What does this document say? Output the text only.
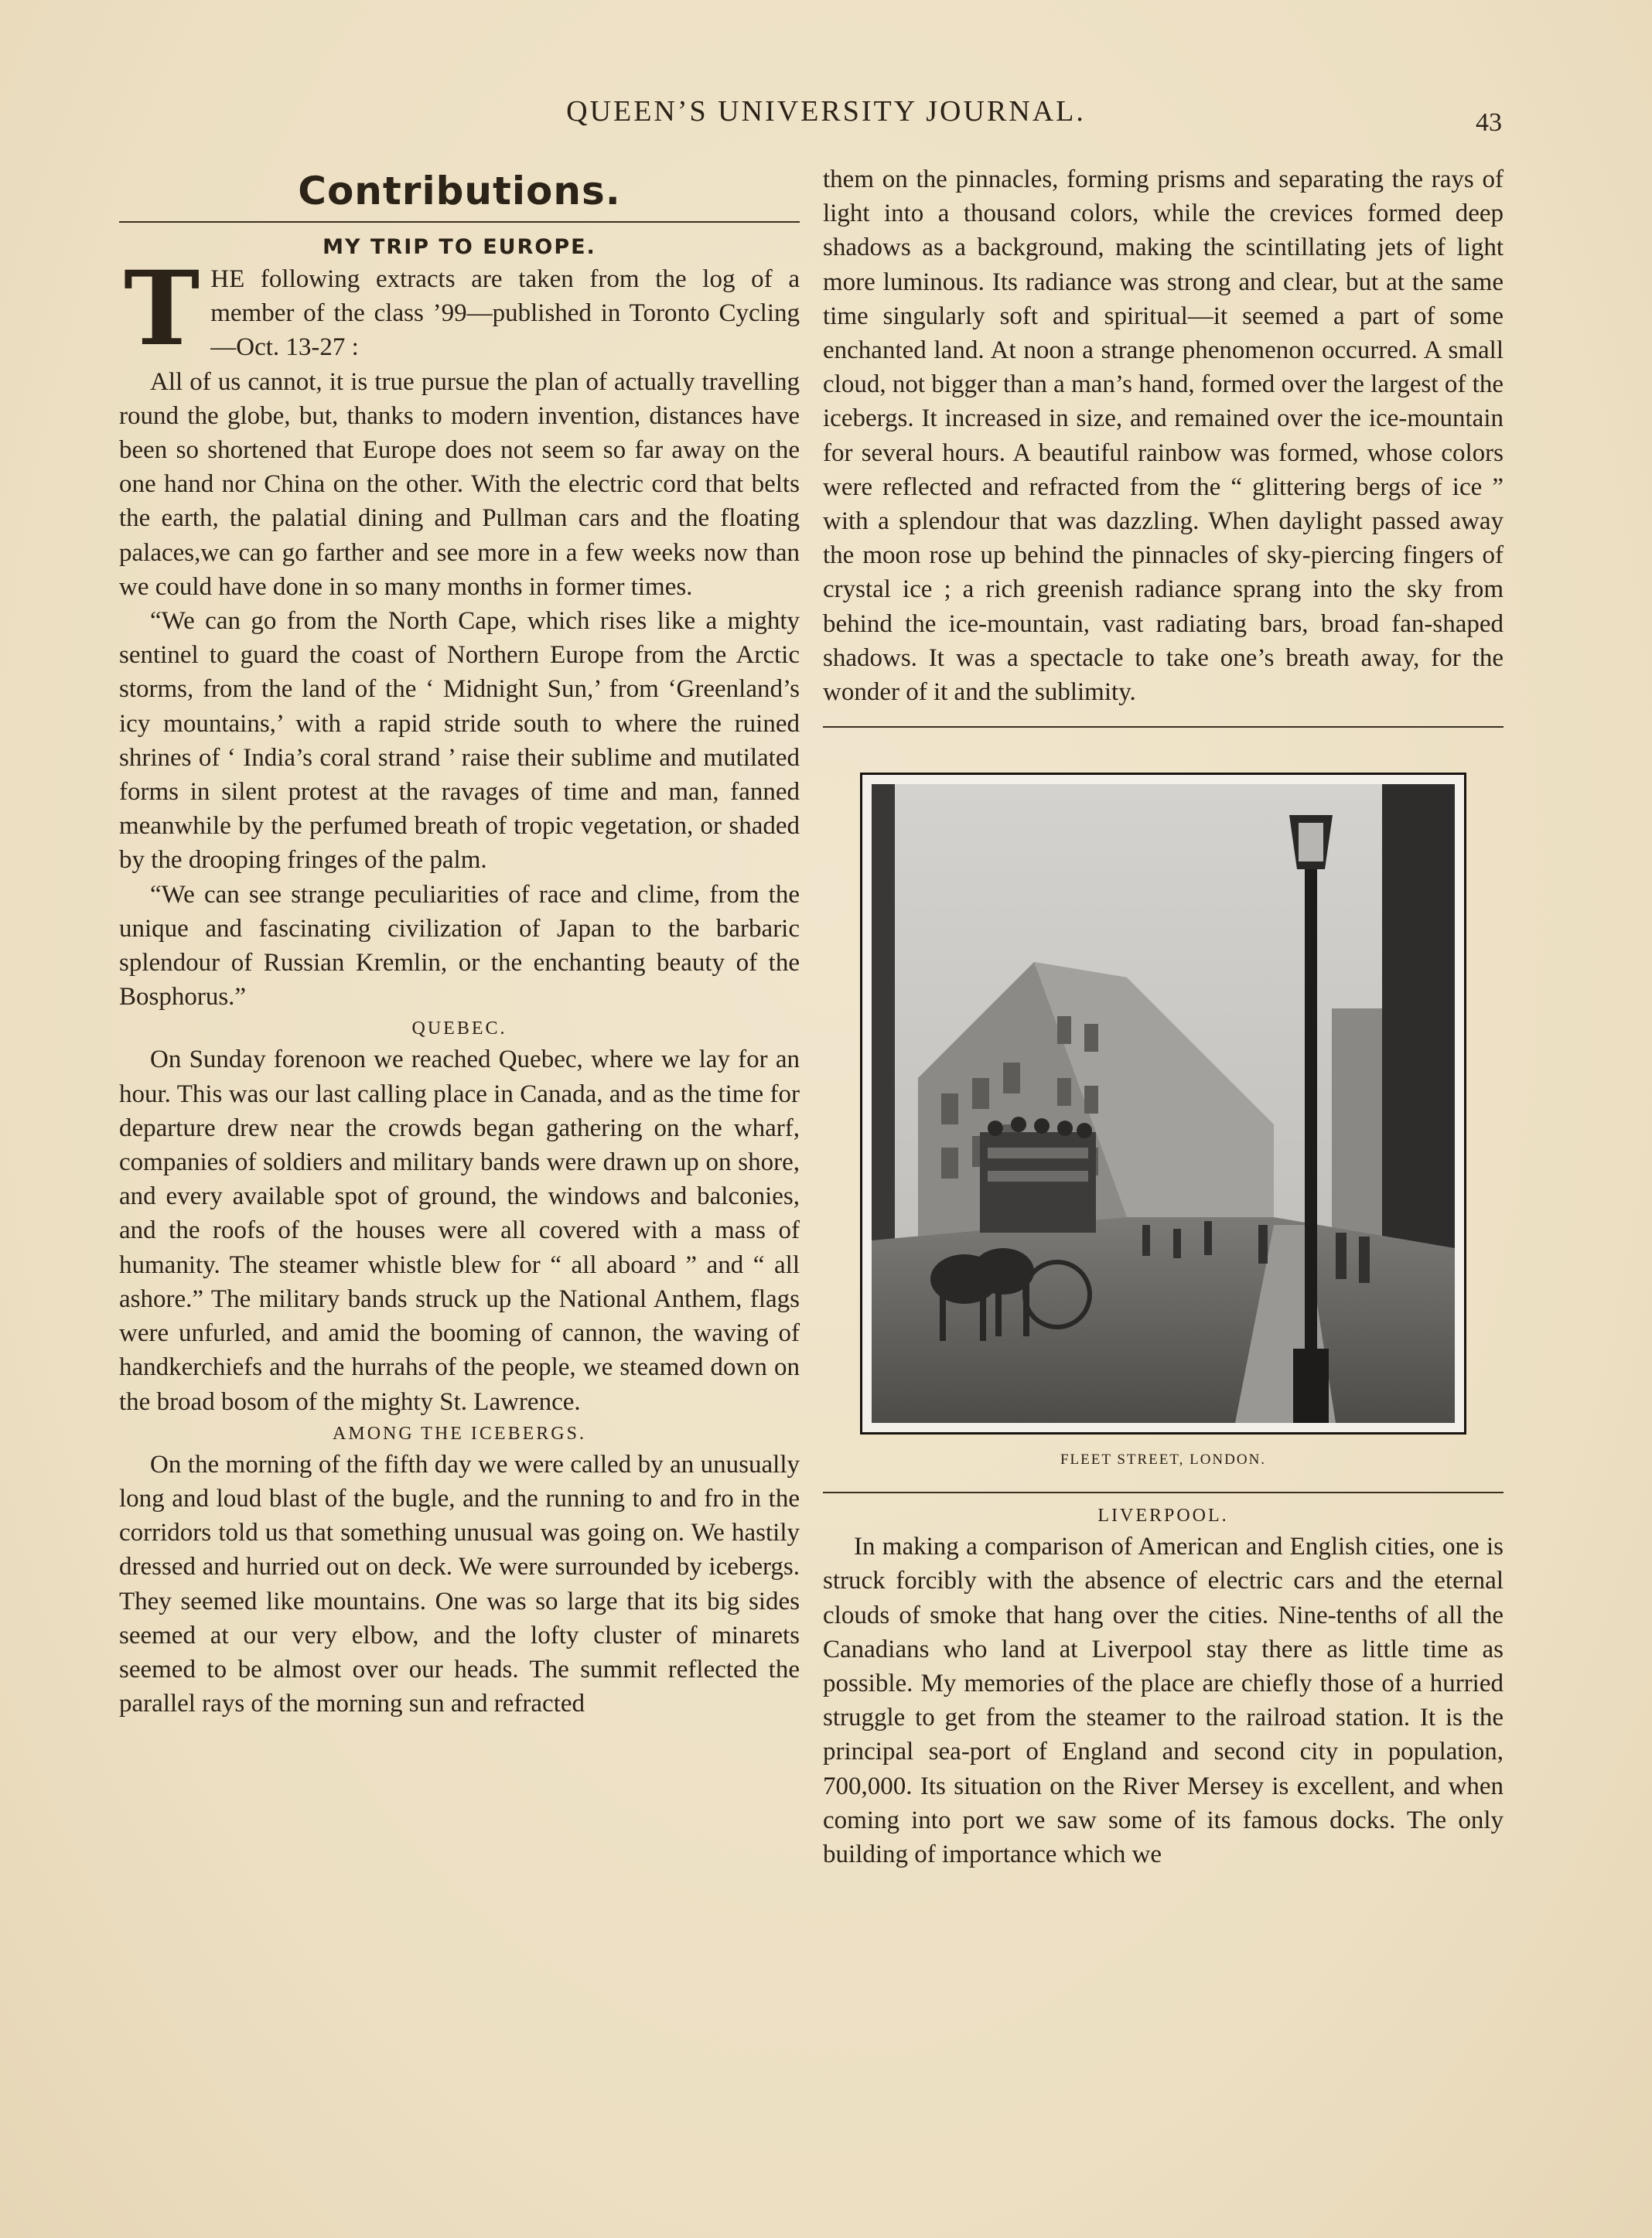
QUEEN’S UNIVERSITY JOURNAL.	43
Contributions.
MY TRIP TO EUROPE.

THE following extracts are taken from the log of a member of the class ’99—published in Toronto Cycling—Oct. 13-27 :

All of us cannot, it is true pursue the plan of actually travelling round the globe, but, thanks to modern invention, distances have been so shortened that Europe does not seem so far away on the one hand nor China on the other. With the electric cord that belts the earth, the palatial dining and Pullman cars and the floating palaces,we can go farther and see more in a few weeks now than we could have done in so many months in former times.

“We can go from the North Cape, which rises like a mighty sentinel to guard the coast of Northern Europe from the Arctic storms, from the land of the ‘ Midnight Sun,’ from ‘Greenland’s icy mountains,’ with a rapid stride south to where the ruined shrines of ‘ India’s coral strand ’ raise their sublime and mutilated forms in silent protest at the ravages of time and man, fanned meanwhile by the perfumed breath of tropic vegetation, or shaded by the drooping fringes of the palm.

“We can see strange peculiarities of race and clime, from the unique and fascinating civilization of Japan to the barbaric splendour of Russian Kremlin, or the enchanting beauty of the Bosphorus.”

QUEBEC.

On Sunday forenoon we reached Quebec, where we lay for an hour. This was our last calling place in Canada, and as the time for departure drew near the crowds began gathering on the wharf, companies of soldiers and military bands were drawn up on shore, and every available spot of ground, the windows and balconies, and the roofs of the houses were all covered with a mass of humanity. The steamer whistle blew for “ all aboard ” and “ all ashore.” The military bands struck up the National Anthem, flags were unfurled, and amid the booming of cannon, the waving of handkerchiefs and the hurrahs of the people, we steamed down on the broad bosom of the mighty St. Lawrence.

AMONG THE ICEBERGS.

On the morning of the fifth day we were called by an unusually long and loud blast of the bugle, and the running to and fro in the corridors told us that something unusual was going on. We hastily dressed and hurried out on deck. We were surrounded by icebergs. They seemed like mountains. One was so large that its big sides seemed at our very elbow, and the lofty cluster of minarets seemed to be almost over our heads. The summit reflected the parallel rays of the morning sun and refracted

them on the pinnacles, forming prisms and separating the rays of light into a thousand colors, while the crevices formed deep shadows as a background, making the scintillating jets of light more luminous. Its radiance was strong and clear, but at the same time singularly soft and spiritual—it seemed a part of some enchanted land. At noon a strange phenomenon occurred. A small cloud, not bigger than a man’s hand, formed over the largest of the icebergs. It increased in size, and remained over the ice-mountain for several hours. A beautiful rainbow was formed, whose colors were reflected and refracted from the “ glittering bergs of ice ” with a splendour that was dazzling. When daylight passed away the moon rose up behind the pinnacles of sky-piercing fingers of crystal ice ; a rich greenish radiance sprang into the sky from behind the ice-mountain, vast radiating bars, broad fan-shaped shadows. It was a spectacle to take one’s breath away, for the wonder of it and the sublimity.

FLEET STREET, LONDON.
LIVERPOOL.

In making a comparison of American and English cities, one is struck forcibly with the absence of electric cars and the eternal clouds of smoke that hang over the cities. Nine-tenths of all the Canadians who land at Liverpool stay there as little time as possible. My memories of the place are chiefly those of a hurried struggle to get from the steamer to the railroad station. It is the principal sea-port of England and second city in population, 700,000. Its situation on the River Mersey is excellent, and when coming into port we saw some of its famous docks. The only building of importance which we
